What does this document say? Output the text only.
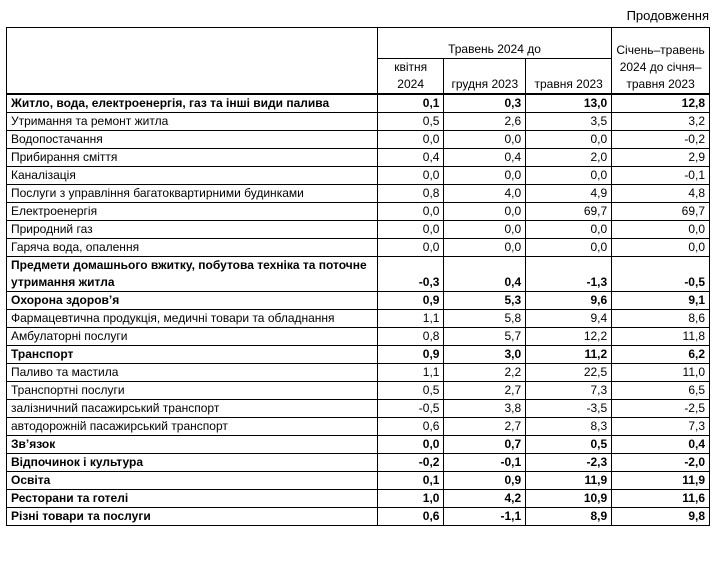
Продовження
	Травень 2024 до			Січень–травень 2024 до січня–травня 2023
	квітня 2024	грудня 2023	травня 2023	
Житло, вода, електроенергія, газ та інші види палива	0,1	0,3	13,0	12,8
Утримання та ремонт житла	0,5	2,6	3,5	3,2
Водопостачання	0,0	0,0	0,0	-0,2
Прибирання сміття	0,4	0,4	2,0	2,9
Каналізація	0,0	0,0	0,0	-0,1
Послуги з управління багатоквартирними будинками	0,8	4,0	4,9	4,8
Електроенергія	0,0	0,0	69,7	69,7
Природний газ	0,0	0,0	0,0	0,0
Гаряча вода, опалення	0,0	0,0	0,0	0,0
Предмети домашнього вжитку, побутова техніка та поточне утримання житла	-0,3	0,4	-1,3	-0,5
Охорона здоров’я	0,9	5,3	9,6	9,1
Фармацевтична продукція, медичні товари та обладнання	1,1	5,8	9,4	8,6
Амбулаторні послуги	0,8	5,7	12,2	11,8
Транспорт	0,9	3,0	11,2	6,2
Паливо та мастила	1,1	2,2	22,5	11,0
Транспортні послуги	0,5	2,7	7,3	6,5
залізничний пасажирський транспорт	-0,5	3,8	-3,5	-2,5
автодорожній пасажирський транспорт	0,6	2,7	8,3	7,3
Зв’язок	0,0	0,7	0,5	0,4
Відпочинок і культура	-0,2	-0,1	-2,3	-2,0
Освіта	0,1	0,9	11,9	11,9
Ресторани та готелі	1,0	4,2	10,9	11,6
Різні товари та послуги	0,6	-1,1	8,9	9,8
